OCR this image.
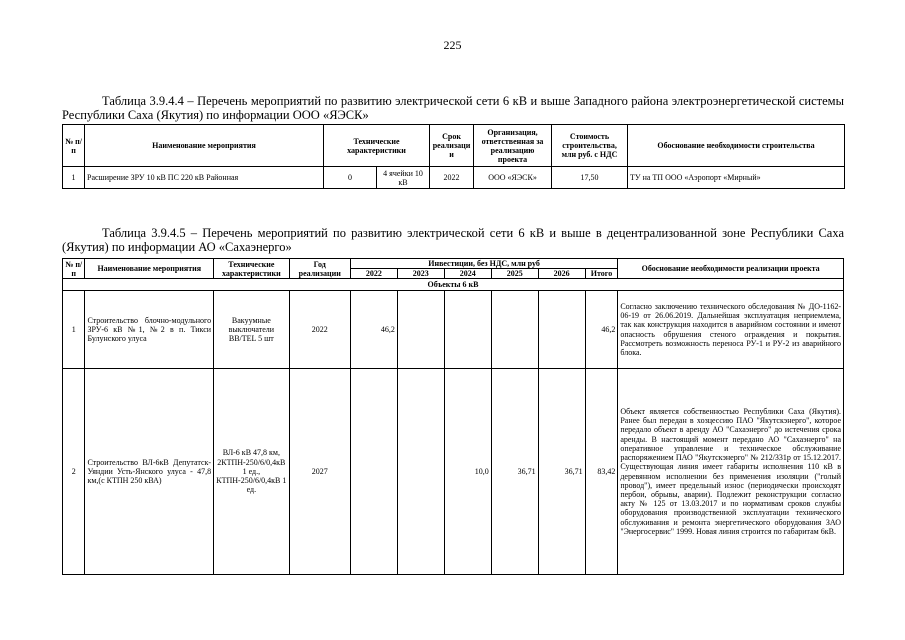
225
Таблица 3.9.4.4 – Перечень мероприятий по развитию электрической сети 6 кВ и выше Западного района электроэнергетической системы Республики Саха (Якутия) по информации ООО «ЯЭСК»
№ п/п	Наименование мероприятия	Технические характеристики		Срок реализаци и	Организация, ответственная за реализацию проекта	Стоимость строительства, млн руб. с НДС	Обоснование необходимости строительства
1	Расширение ЗРУ 10 кВ ПС 220 кВ Районная	0	4 ячейки 10 кВ	2022	ООО «ЯЭСК»	17,50	ТУ на ТП ООО «Аэропорт «Мирный»
Таблица 3.9.4.5 – Перечень мероприятий по развитию электрической сети 6 кВ и выше в децентрализованной зоне Республики Саха (Якутия) по информации АО «Сахаэнерго»
№ п/п	Наименование мероприятия	Технические характеристики	Год реализации	Инвестиции, без НДС, млн руб						Обоснование необходимости реализации проекта
				2022	2023	2024	2025	2026	Итого	
Объекты 6 кВ										
1	Строительство блочно-модульного ЗРУ-6 кВ №1, №2 в п. Тикси Булунского улуса	Вакуумные выключатели ВВ/TEL 5 шт	2022	46,2					46,2	Согласно заключению технического обследования № ДО-1162-06-19 от 26.06.2019. Дальнейшая эксплуатация неприемлема, так как конструкция находится в аварийном состоянии и имеют опасность обрушения стеного ограждения и покрытия. Рассмотреть возможность переноса РУ-1 и РУ-2 из аварийного блока.
2	Строительство ВЛ-6кВ Депутатск-Уяндии Усть-Янского улуса - 47,8 км,(с КТПН 250 кВА)	ВЛ-6 кВ 47,8 км, 2КТПН-250/6/0,4кВ 1 ед., КТПН-250/6/0,4кВ 1 ед.	2027			10,0	36,71	36,71	83,42	Объект является собственностью Республики Саха (Якутия). Ранее был передан в хозцессию ПАО "Якутскэнерго", которое передало объект в аренду АО "Сахаэнерго" до истечения срока аренды. В настоящий момент передано АО "Сахаэнерго" на оперативное управление и техническое обслуживание распоряжением ПАО "Якутскэнерго" № 212/331р от 15.12.2017. Существующая линия имеет габариты исполнения 110 кВ в деревянном исполнении без применения изоляции ("голый провод"), имеет предельный износ (периодически происходят пербои, обрывы, аварии). Подлежит реконструкции согласно акту № 125 от 13.03.2017 и по нормативам сроков службы оборудования производственной эксплуатации технического обслуживания и ремонта энергетического оборудования ЗАО "Энергосервис" 1999. Новая линия строится по габаритам 6кВ.
